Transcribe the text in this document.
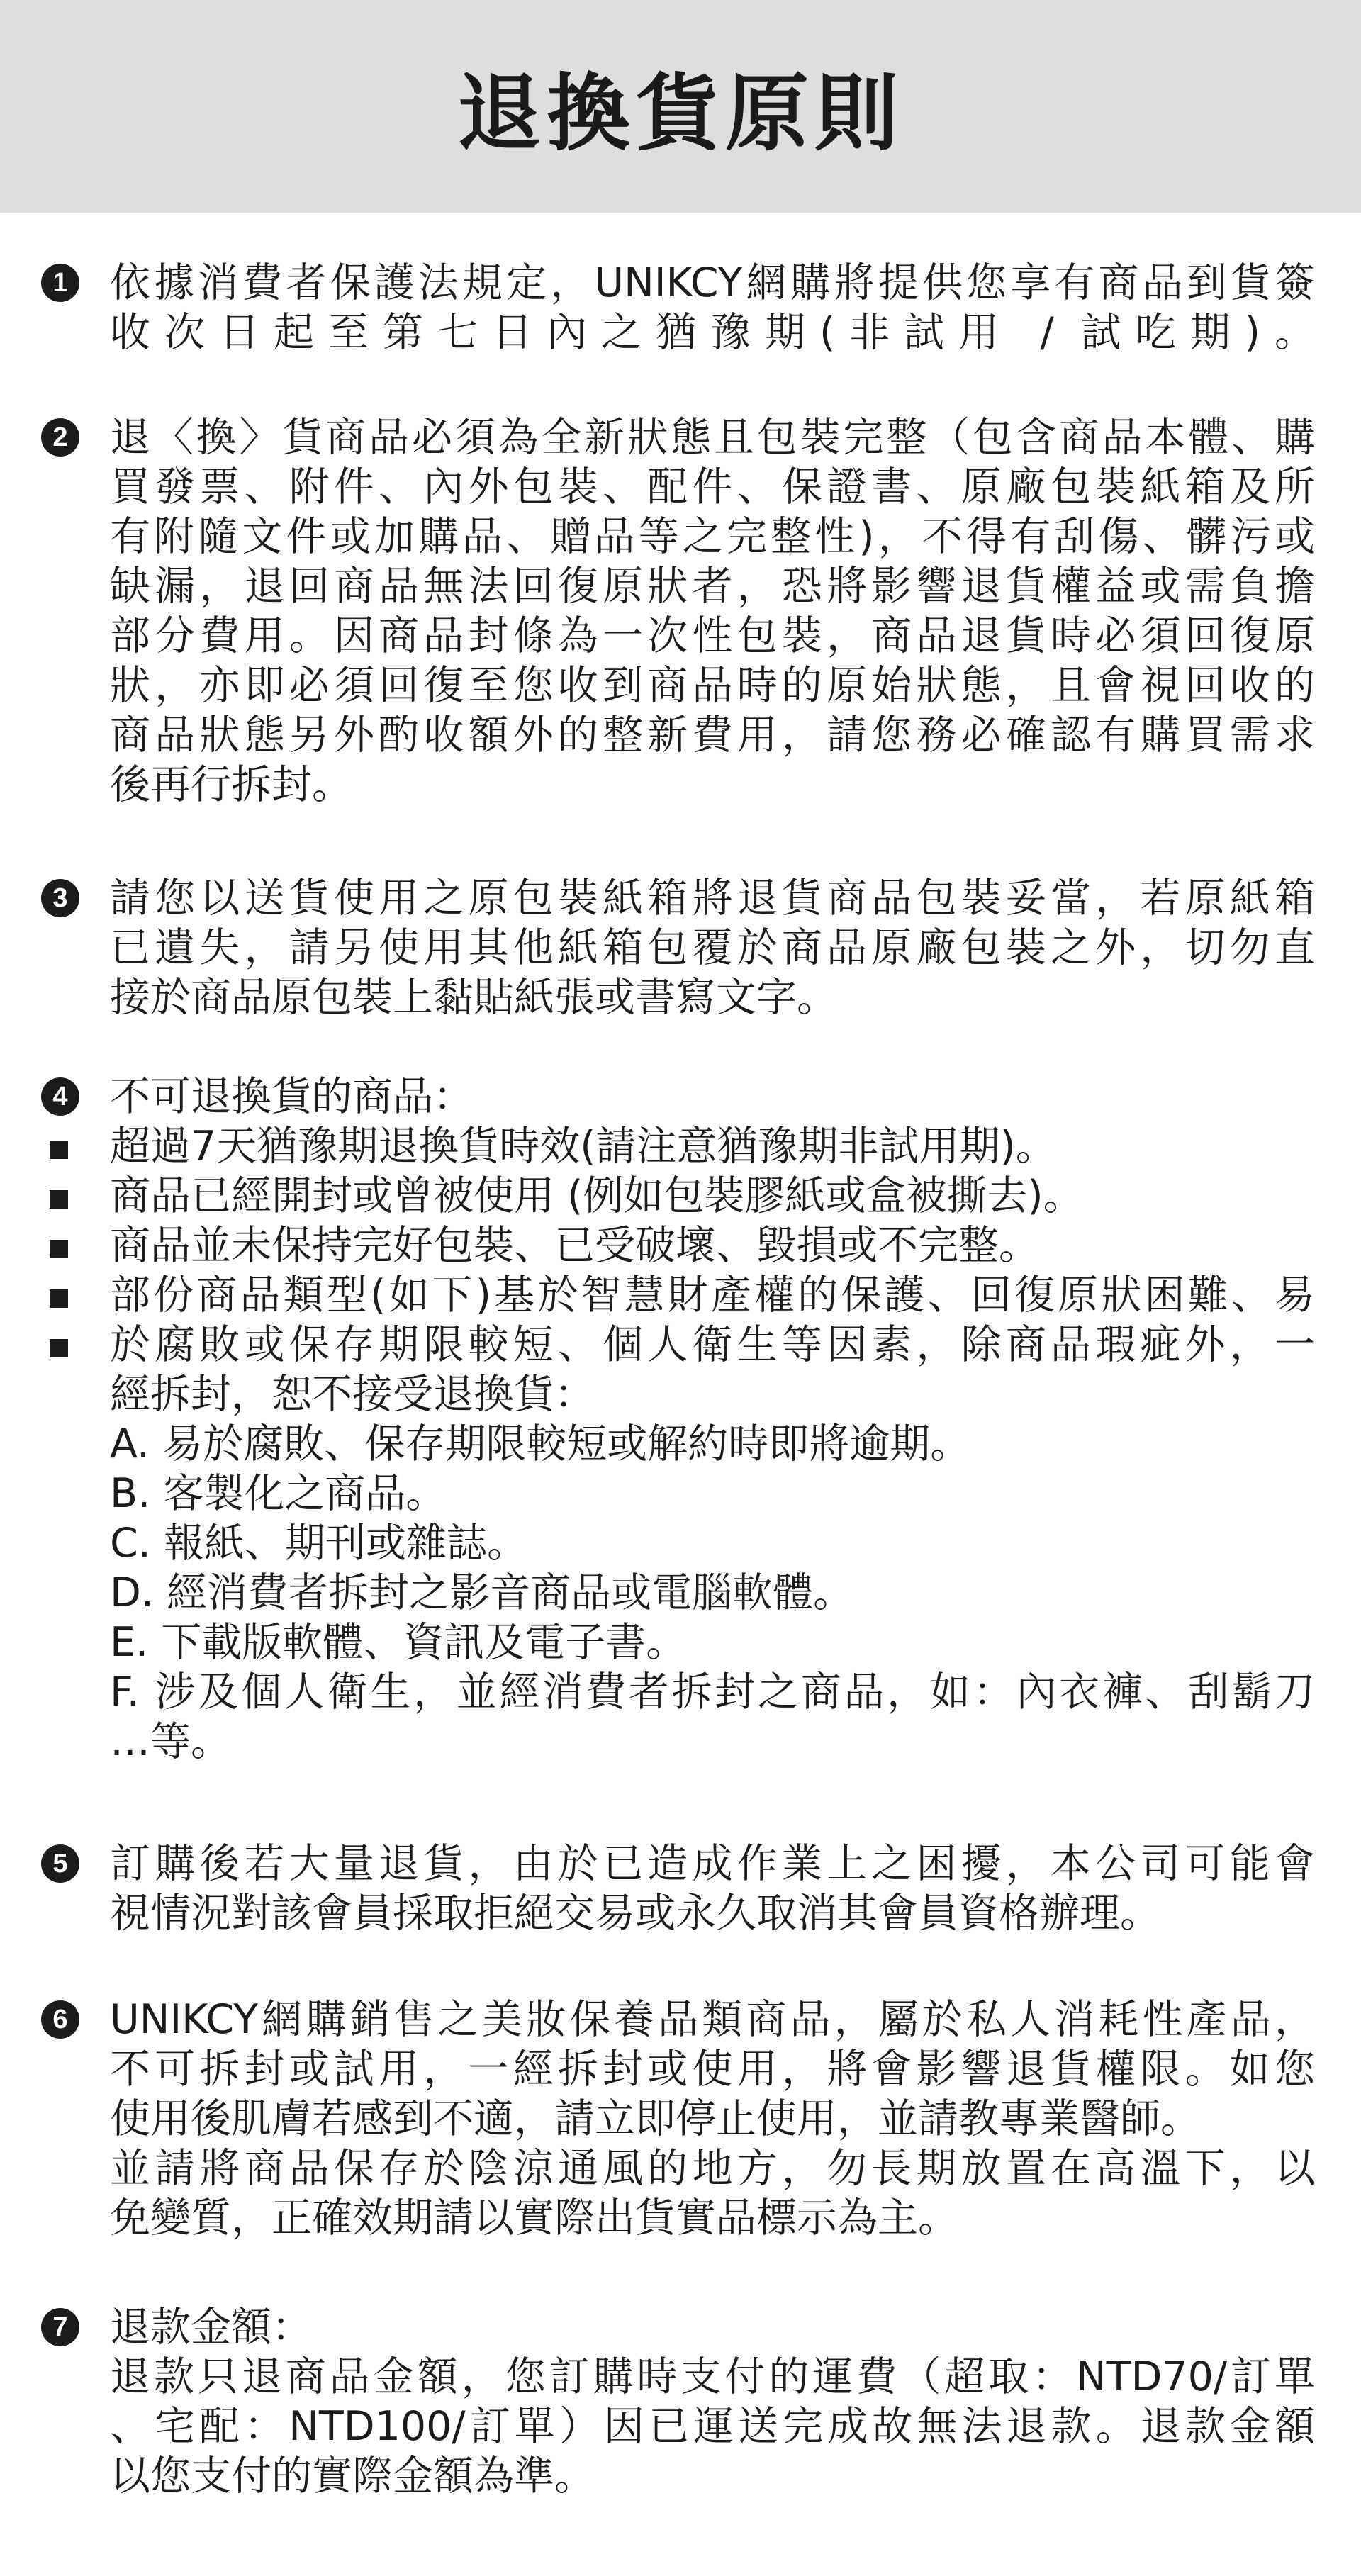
退換貨原則
1 依據消費者保護法規定，UNIKCY網購將提供您享有商品到貨簽
收次日起至第七日內之猶豫期(非試用 / 試吃期)。
2 退〈換〉貨商品必須為全新狀態且包裝完整（包含商品本體、購
買發票、附件、內外包裝、配件、保證書、原廠包裝紙箱及所
有附隨文件或加購品、贈品等之完整性)，不得有刮傷、髒污或
缺漏，退回商品無法回復原狀者，恐將影響退貨權益或需負擔
部分費用。因商品封條為一次性包裝，商品退貨時必須回復原
狀，亦即必須回復至您收到商品時的原始狀態，且會視回收的
商品狀態另外酌收額外的整新費用，請您務必確認有購買需求
後再行拆封。
3 請您以送貨使用之原包裝紙箱將退貨商品包裝妥當，若原紙箱
已遺失，請另使用其他紙箱包覆於商品原廠包裝之外，切勿直
接於商品原包裝上黏貼紙張或書寫文字。
4 不可退換貨的商品：
超過7天猶豫期退換貨時效(請注意猶豫期非試用期)。
商品已經開封或曾被使用 (例如包裝膠紙或盒被撕去)。
商品並未保持完好包裝、已受破壞、毀損或不完整。
部份商品類型(如下)基於智慧財產權的保護、回復原狀困難、易
於腐敗或保存期限較短、個人衛生等因素，除商品瑕疵外，一
經拆封，恕不接受退換貨：
A. 易於腐敗、保存期限較短或解約時即將逾期。
B. 客製化之商品。
C. 報紙、期刊或雜誌。
D. 經消費者拆封之影音商品或電腦軟體。
E. 下載版軟體、資訊及電子書。
F. 涉及個人衛生，並經消費者拆封之商品，如：內衣褲、刮鬍刀
…等。
5 訂購後若大量退貨，由於已造成作業上之困擾，本公司可能會
視情況對該會員採取拒絕交易或永久取消其會員資格辦理。
6 UNIKCY網購銷售之美妝保養品類商品，屬於私人消耗性產品，
不可拆封或試用，一經拆封或使用，將會影響退貨權限。如您
使用後肌膚若感到不適，請立即停止使用，並請教專業醫師。
並請將商品保存於陰涼通風的地方，勿長期放置在高溫下，以
免變質，正確效期請以實際出貨實品標示為主。
7 退款金額：
退款只退商品金額，您訂購時支付的運費（超取：NTD70/訂單
、宅配：NTD100/訂單）因已運送完成故無法退款。退款金額
以您支付的實際金額為準。
